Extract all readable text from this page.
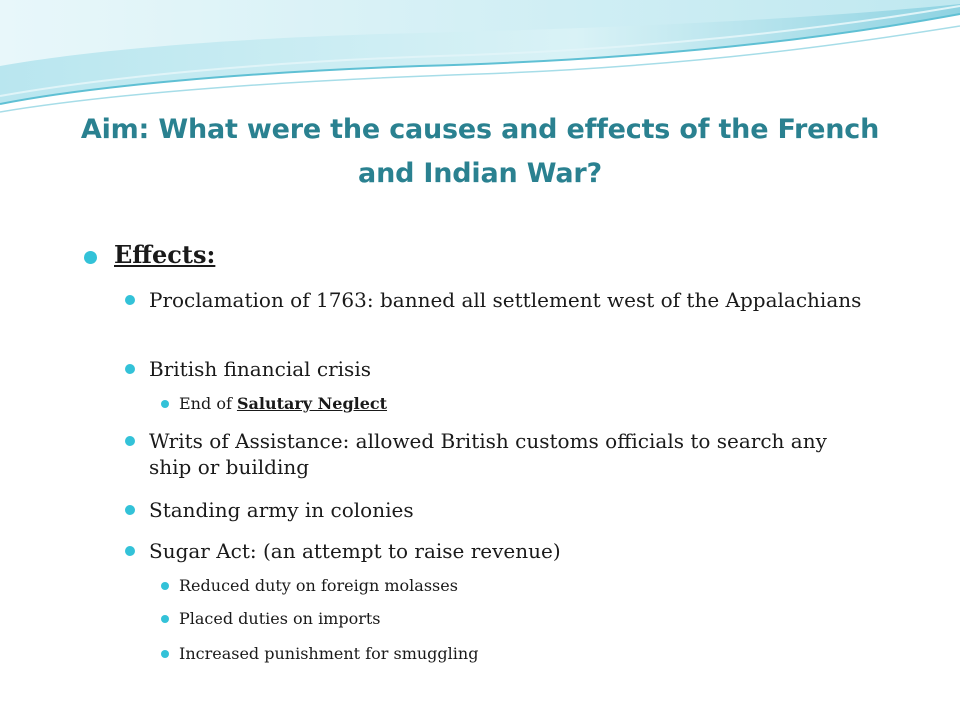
Aim: What were the causes and effects of the French and Indian War?
Effects:
Proclamation of 1763: banned all settlement west of the Appalachians
British financial crisis
End of Salutary Neglect
Writs of Assistance: allowed British customs officials to search any ship or building
Standing army in colonies
Sugar Act: (an attempt to raise revenue)
Reduced duty on foreign molasses
Placed duties on imports
Increased punishment for smuggling
